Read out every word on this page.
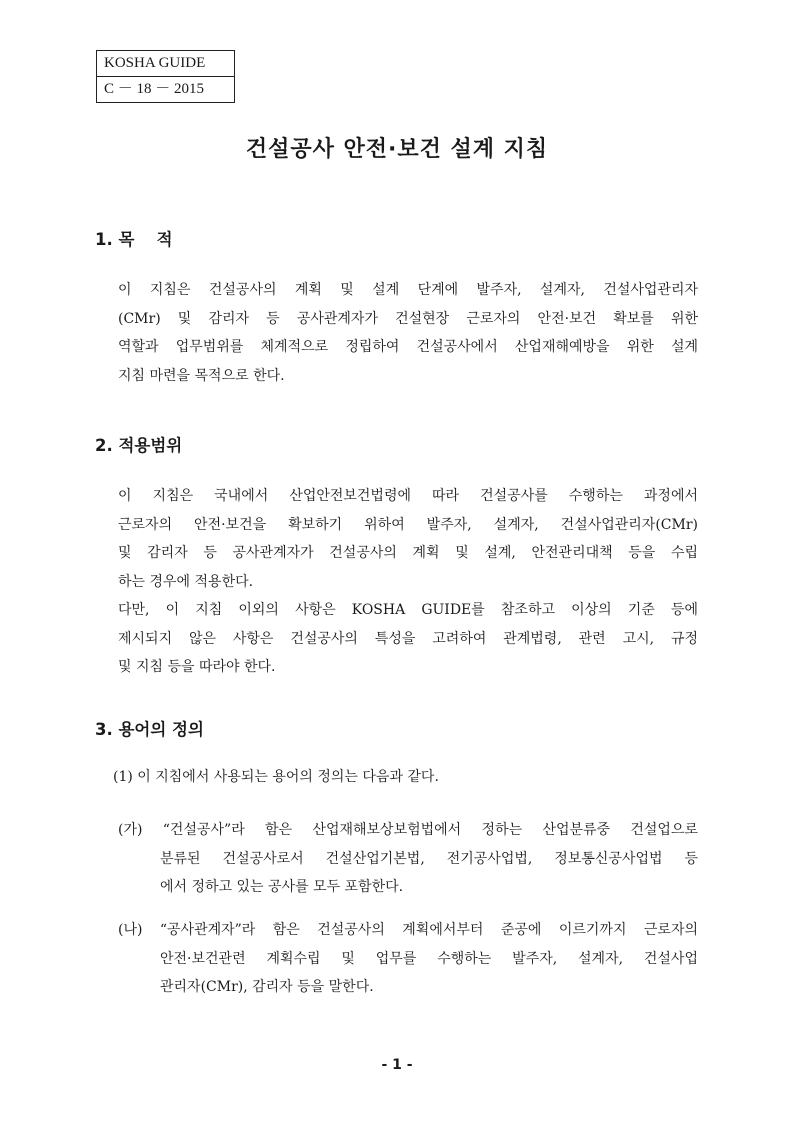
KOSHA GUIDE
C － 18 － 2015
건설공사 안전·보건 설계 지침
1. 목　 적

이 지침은 건설공사의 계획 및 설계 단계에 발주자, 설계자, 건설사업관리자
(CMr) 및 감리자 등 공사관계자가 건설현장 근로자의 안전·보건 확보를 위한
역할과 업무범위를 체계적으로 정립하여 건설공사에서 산업재해예방을 위한 설계
지침 마련을 목적으로 한다.

2. 적용범위

이 지침은 국내에서 산업안전보건법령에 따라 건설공사를 수행하는 과정에서
근로자의 안전·보건을 확보하기 위하여 발주자, 설계자, 건설사업관리자(CMr)
및 감리자 등 공사관계자가 건설공사의 계획 및 설계, 안전관리대책 등을 수립
하는 경우에 적용한다.
다만, 이 지침 이외의 사항은 KOSHA GUIDE를 참조하고 이상의 기준 등에
제시되지 않은 사항은 건설공사의 특성을 고려하여 관계법령, 관련 고시, 규정
및 지침 등을 따라야 한다.

3. 용어의 정의

(1) 이 지침에서 사용되는 용어의 정의는 다음과 같다.

(가) “건설공사”라 함은 산업재해보상보험법에서 정하는 산업분류중 건설업으로
분류된 건설공사로서 건설산업기본법, 전기공사업법, 정보통신공사업법 등
에서 정하고 있는 공사를 모두 포함한다.

(나) “공사관계자”라 함은 건설공사의 계획에서부터 준공에 이르기까지 근로자의
안전·보건관련 계획수립 및 업무를 수행하는 발주자, 설계자, 건설사업
관리자(CMr), 감리자 등을 말한다.

- 1 -
